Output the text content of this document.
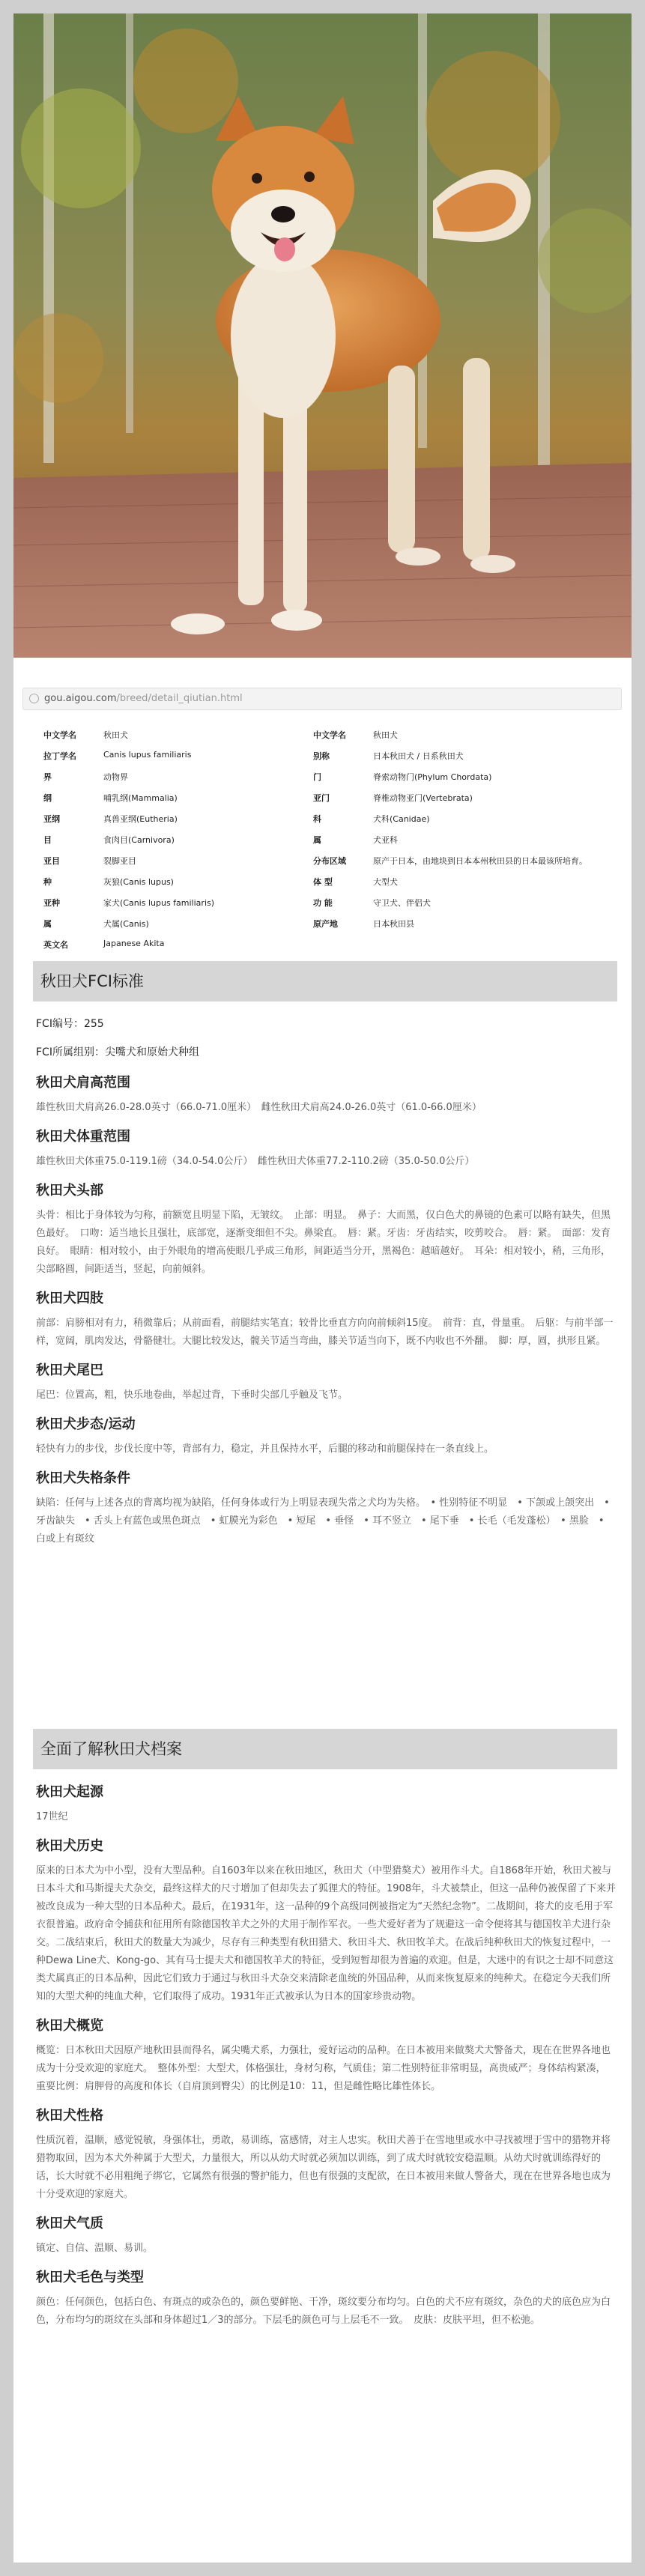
gou.aigou.com/breed/detail_qiutian.html
中文学名	秋田犬	中文学名	秋田犬
拉丁学名	Canis lupus familiaris	别称	日本秋田犬 / 日系秋田犬
界	动物界	门	脊索动物门(Phylum Chordata)
纲	哺乳纲(Mammalia)	亚门	脊椎动物亚门(Vertebrata)
亚纲	真兽亚纲(Eutheria)	科	犬科(Canidae)
目	食肉目(Carnivora)	属	犬亚科
亚目	裂脚亚目	分布区域	原产于日本，由地块到日本本州秋田县的日本最该所培育。
种	灰狼(Canis lupus)	体 型	大型犬
亚种	家犬(Canis lupus familiaris)	功 能	守卫犬、伴侣犬
属	犬属(Canis)	原产地	日本秋田县
英文名	Japanese Akita
秋田犬FCI标准

FCI编号：255

FCI所属组别：尖嘴犬和原始犬种组

秋田犬肩高范围

雄性秋田犬肩高26.0-28.0英寸（66.0-71.0厘米）　雌性秋田犬肩高24.0-26.0英寸（61.0-66.0厘米）

秋田犬体重范围

雄性秋田犬体重75.0-119.1磅（34.0-54.0公斤）　雌性秋田犬体重77.2-110.2磅（35.0-50.0公斤）

秋田犬头部

头骨：相比于身体较为匀称，前额宽且明显下陷，无皱纹。　止部：明显。　鼻子：大而黑，仅白色犬的鼻镜的色素可以略有缺失，但黑色最好。　口吻：适当地长且强壮，底部宽，逐渐变细但不尖。鼻梁直。　唇：紧。牙齿：牙齿结实，咬剪咬合。　唇：紧。　面部：发育良好。　眼睛：相对较小，由于外眼角的增高使眼几乎成三角形，间距适当分开，黑褐色：越暗越好。　耳朵：相对较小，稍，三角形，尖部略圆，间距适当，竖起，向前倾斜。

秋田犬四肢

前部：肩膀相对有力，稍微靠后；从前面看，前腿结实笔直；较骨比垂直方向向前倾斜15度。　前背：直，骨量重。　后躯：与前半部一样，宽阔，肌肉发达，骨骼健壮。大腿比较发达，髋关节适当弯曲，膝关节适当向下，既不内收也不外翻。　脚：厚，圆，拱形且紧。

秋田犬尾巴

尾巴：位置高，粗，快乐地卷曲，举起过背，下垂时尖部几乎触及飞节。

秋田犬步态/运动

轻快有力的步伐，步伐长度中等，背部有力，稳定，并且保持水平，后腿的移动和前腿保持在一条直线上。

秋田犬失格条件

缺陷：任何与上述各点的背离均视为缺陷，任何身体或行为上明显表现失常之犬均为失格。　• 性别特征不明显　• 下颌或上颌突出　• 牙齿缺失　• 舌头上有蓝色或黑色斑点　• 虹膜光为彩色　• 短尾　• 垂怪　• 耳不竖立　• 尾下垂　• 长毛（毛发蓬松）　• 黑脸　• 白或上有斑纹

全面了解秋田犬档案
秋田犬起源

17世纪

秋田犬历史

原来的日本犬为中小型，没有大型品种。自1603年以来在秋田地区，秋田犬（中型猎獒犬）被用作斗犬。自1868年开始，秋田犬被与日本斗犬和马斯提夫犬杂交，最终这样犬的尺寸增加了但却失去了狐狸犬的特征。1908年，斗犬被禁止，但这一品种仍被保留了下来并被改良成为一种大型的日本品种犬。最后，在1931年，这一品种的9个高级同例被指定为“天然纪念物”。二战期间，将犬的皮毛用于军衣很普遍。政府命令捕获和征用所有除德国牧羊犬之外的犬用于制作军衣。一些犬爱好者为了规避这一命令便将其与德国牧羊犬进行杂交。二战结束后，秋田犬的数量大为减少，尽存有三种类型有秋田猎犬、秋田斗犬、秋田牧羊犬。在战后纯种秋田犬的恢复过程中，一种Dewa Line犬、Kong-go、其有马士提夫犬和德国牧羊犬的特征，受到短暂却很为普遍的欢迎。但是，大迷中的有识之士却不同意这类犬属真正的日本品种，因此它们致力于通过与秋田斗犬杂交来清除老血统的外国品种，从而来恢复原来的纯种犬。在稳定今天我们所知的大型犬种的纯血犬种，它们取得了成功。1931年正式被承认为日本的国家珍贵动物。

秋田犬概览

概览：日本秋田犬因原产地秋田县而得名，属尖嘴犬系，力强壮，爱好运动的品种。在日本被用来做獒犬犬警备犬，现在在世界各地也成为十分受欢迎的家庭犬。　整体外型：大型犬，体格强壮，身材匀称，气质佳；第二性别特征非常明显，高贵威严；身体结构紧凑，　重要比例：肩胛骨的高度和体长（自肩顶到臀尖）的比例是10：11，但是雌性略比雄性体长。

秋田犬性格

性质沉着，温顺，感觉锐敏，身强体壮，勇敢，易训练，富感情，对主人忠实。秋田犬善于在雪地里或水中寻找被埋于雪中的猎物并将猎物取回，因为本犬外种属于大型犬，力量很大，所以从幼犬时就必须加以训练，到了成犬时就较安稳温顺。从幼犬时就训练得好的话，长大时就不必用粗绳子绑它，它属然有很强的警护能力，但也有很强的支配欲，在日本被用来做人警备犬，现在在世界各地也成为十分受欢迎的家庭犬。

秋田犬气质

镇定、自信、温顺、易训。

秋田犬毛色与类型

颜色：任何颜色，包括白色、有斑点的或杂色的，颜色要鲜艳、干净，斑纹要分布均匀。白色的犬不应有斑纹，杂色的犬的底色应为白色，分布均匀的斑纹在头部和身体超过1／3的部分。下层毛的颜色可与上层毛不一致。　皮肤：皮肤平坦，但不松弛。
